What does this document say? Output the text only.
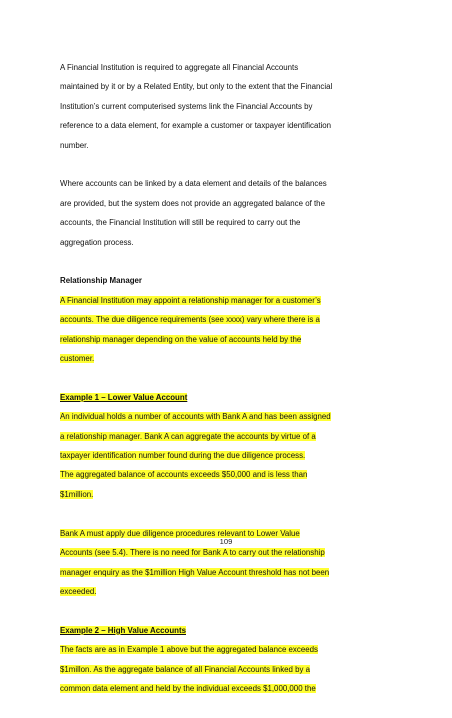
A Financial Institution is required to aggregate all Financial Accounts
maintained by it or by a Related Entity, but only to the extent that the Financial
Institution’s current computerised systems link the Financial Accounts by
reference to a data element, for example a customer or taxpayer identification
number.

Where accounts can be linked by a data element and details of the balances
are provided, but the system does not provide an aggregated balance of the
accounts, the Financial Institution will still be required to carry out the
aggregation process.

Relationship Manager
A Financial Institution may appoint a relationship manager for a customer’s
accounts. The due diligence requirements (see xxxx) vary where there is a
relationship manager depending on the value of accounts held by the
customer.
Example 1 – Lower Value Account
An individual holds a number of accounts with Bank A and has been assigned
a relationship manager. Bank A can aggregate the accounts by virtue of a
taxpayer identification number found during the due diligence process.
The aggregated balance of accounts exceeds $50,000 and is less than
$1million.
Bank A must apply due diligence procedures relevant to Lower Value
Accounts (see 5.4). There is no need for Bank A to carry out the relationship
manager enquiry as the $1million High Value Account threshold has not been
exceeded.
Example 2 – High Value Accounts
The facts are as in Example 1 above but the aggregated balance exceeds
$1millon. As the aggregate balance of all Financial Accounts linked by a
common data element and held by the individual exceeds $1,000,000 the
109
